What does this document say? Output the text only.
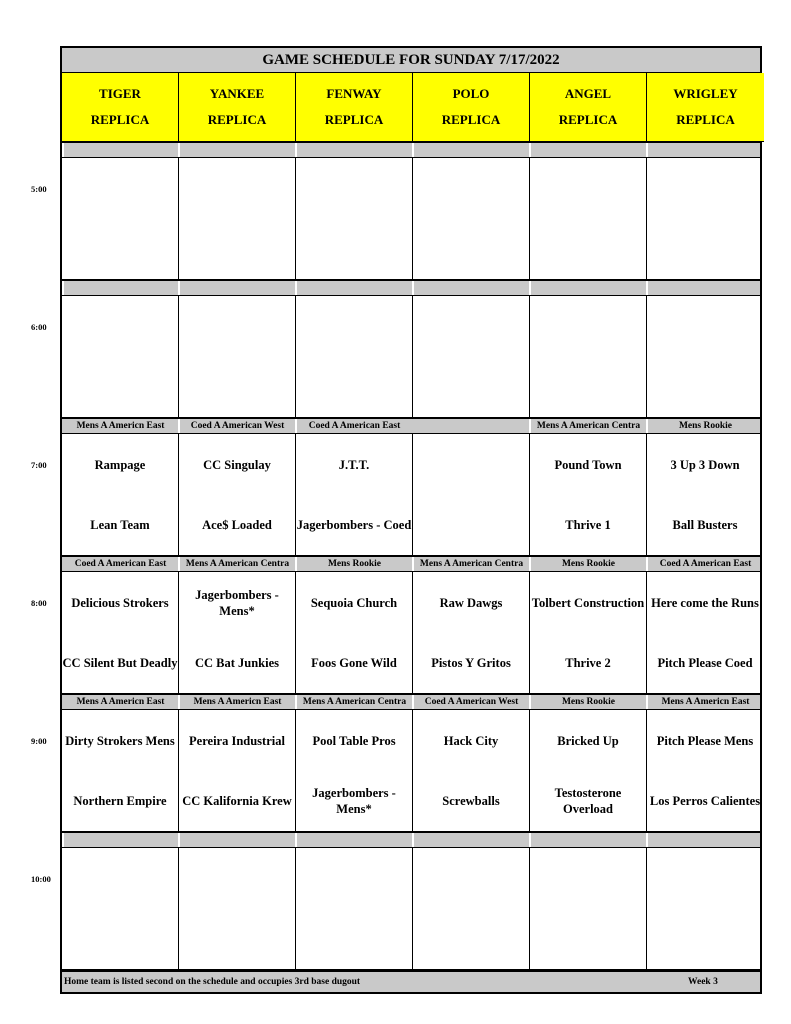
5:00
6:00
7:00
8:00
9:00
10:00
GAME SCHEDULE FOR SUNDAY 7/17/2022
TIGER
REPLICA
YANKEE
REPLICA
FENWAY
REPLICA
POLO
REPLICA
ANGEL
REPLICA
WRIGLEY
REPLICA
Mens A Americn East
Rampage
Lean Team
Coed A American West
CC Singulay
Ace$ Loaded
Coed A American East
J.T.T.
Jagerbombers - Coed
Mens A American Centra
Pound Town
Thrive 1
Mens Rookie
3 Up 3 Down
Ball Busters
Coed A American East
Delicious Strokers
CC Silent But Deadly
Mens A American Centra
Jagerbombers - Mens*
CC Bat Junkies
Mens Rookie
Sequoia Church
Foos Gone Wild
Mens A American Centra
Raw Dawgs
Pistos Y Gritos
Mens Rookie
Tolbert Construction
Thrive 2
Coed A American East
Here come the Runs
Pitch Please Coed
Mens A Americn East
Dirty Strokers Mens
Northern Empire
Mens A Americn East
Pereira Industrial
CC Kalifornia Krew
Mens A American Centra
Pool Table Pros
Jagerbombers - Mens*
Coed A American West
Hack City
Screwballs
Mens Rookie
Bricked Up
Testosterone Overload
Mens A Americn East
Pitch Please Mens
Los Perros Calientes
Home team is listed second on the schedule and occupies 3rd base dugout	Week 3
